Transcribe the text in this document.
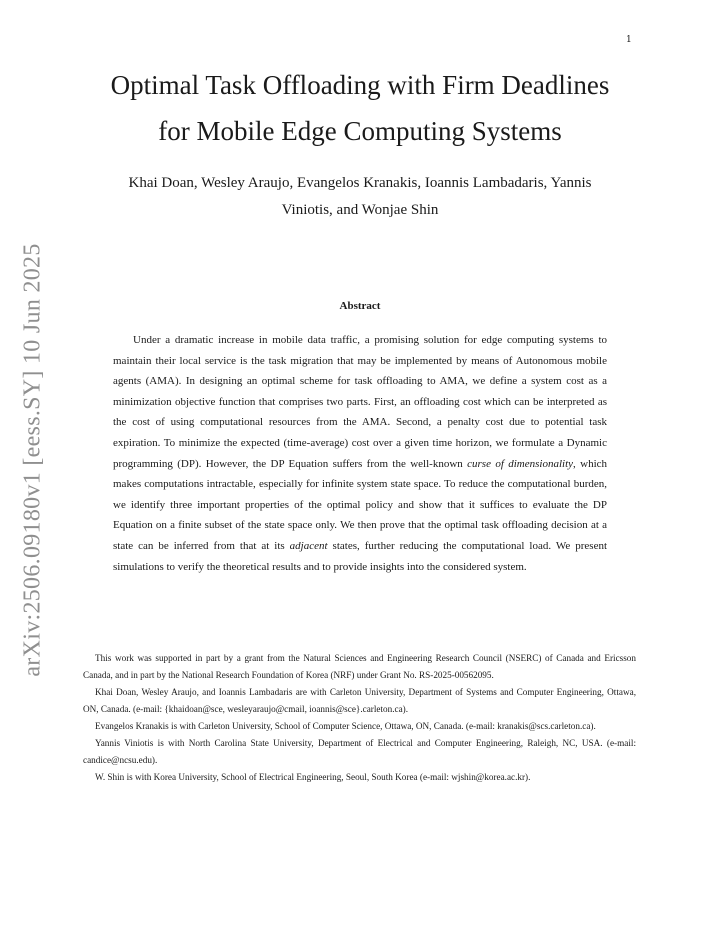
1
arXiv:2506.09180v1 [eess.SY] 10 Jun 2025
Optimal Task Offloading with Firm Deadlines
for Mobile Edge Computing Systems
Khai Doan, Wesley Araujo, Evangelos Kranakis, Ioannis Lambadaris, Yannis
Viniotis, and Wonjae Shin
Abstract

Under a dramatic increase in mobile data traffic, a promising solution for edge computing systems to maintain their local service is the task migration that may be implemented by means of Autonomous mobile agents (AMA). In designing an optimal scheme for task offloading to AMA, we define a system cost as a minimization objective function that comprises two parts. First, an offloading cost which can be interpreted as the cost of using computational resources from the AMA. Second, a penalty cost due to potential task expiration. To minimize the expected (time-average) cost over a given time horizon, we formulate a Dynamic programming (DP). However, the DP Equation suffers from the well-known curse of dimensionality, which makes computations intractable, especially for infinite system state space. To reduce the computational burden, we identify three important properties of the optimal policy and show that it suffices to evaluate the DP Equation on a finite subset of the state space only. We then prove that the optimal task offloading decision at a state can be inferred from that at its adjacent states, further reducing the computational load. We present simulations to verify the theoretical results and to provide insights into the considered system.

This work was supported in part by a grant from the Natural Sciences and Engineering Research Council (NSERC) of Canada and Ericsson Canada, and in part by the National Research Foundation of Korea (NRF) under Grant No. RS-2025-00562095.

Khai Doan, Wesley Araujo, and Ioannis Lambadaris are with Carleton University, Department of Systems and Computer Engineering, Ottawa, ON, Canada. (e-mail: {khaidoan@sce, wesleyaraujo@cmail, ioannis@sce}.carleton.ca).

Evangelos Kranakis is with Carleton University, School of Computer Science, Ottawa, ON, Canada. (e-mail: kranakis@scs.carleton.ca).

Yannis Viniotis is with North Carolina State University, Department of Electrical and Computer Engineering, Raleigh, NC, USA. (e-mail: candice@ncsu.edu).

W. Shin is with Korea University, School of Electrical Engineering, Seoul, South Korea (e-mail: wjshin@korea.ac.kr).
